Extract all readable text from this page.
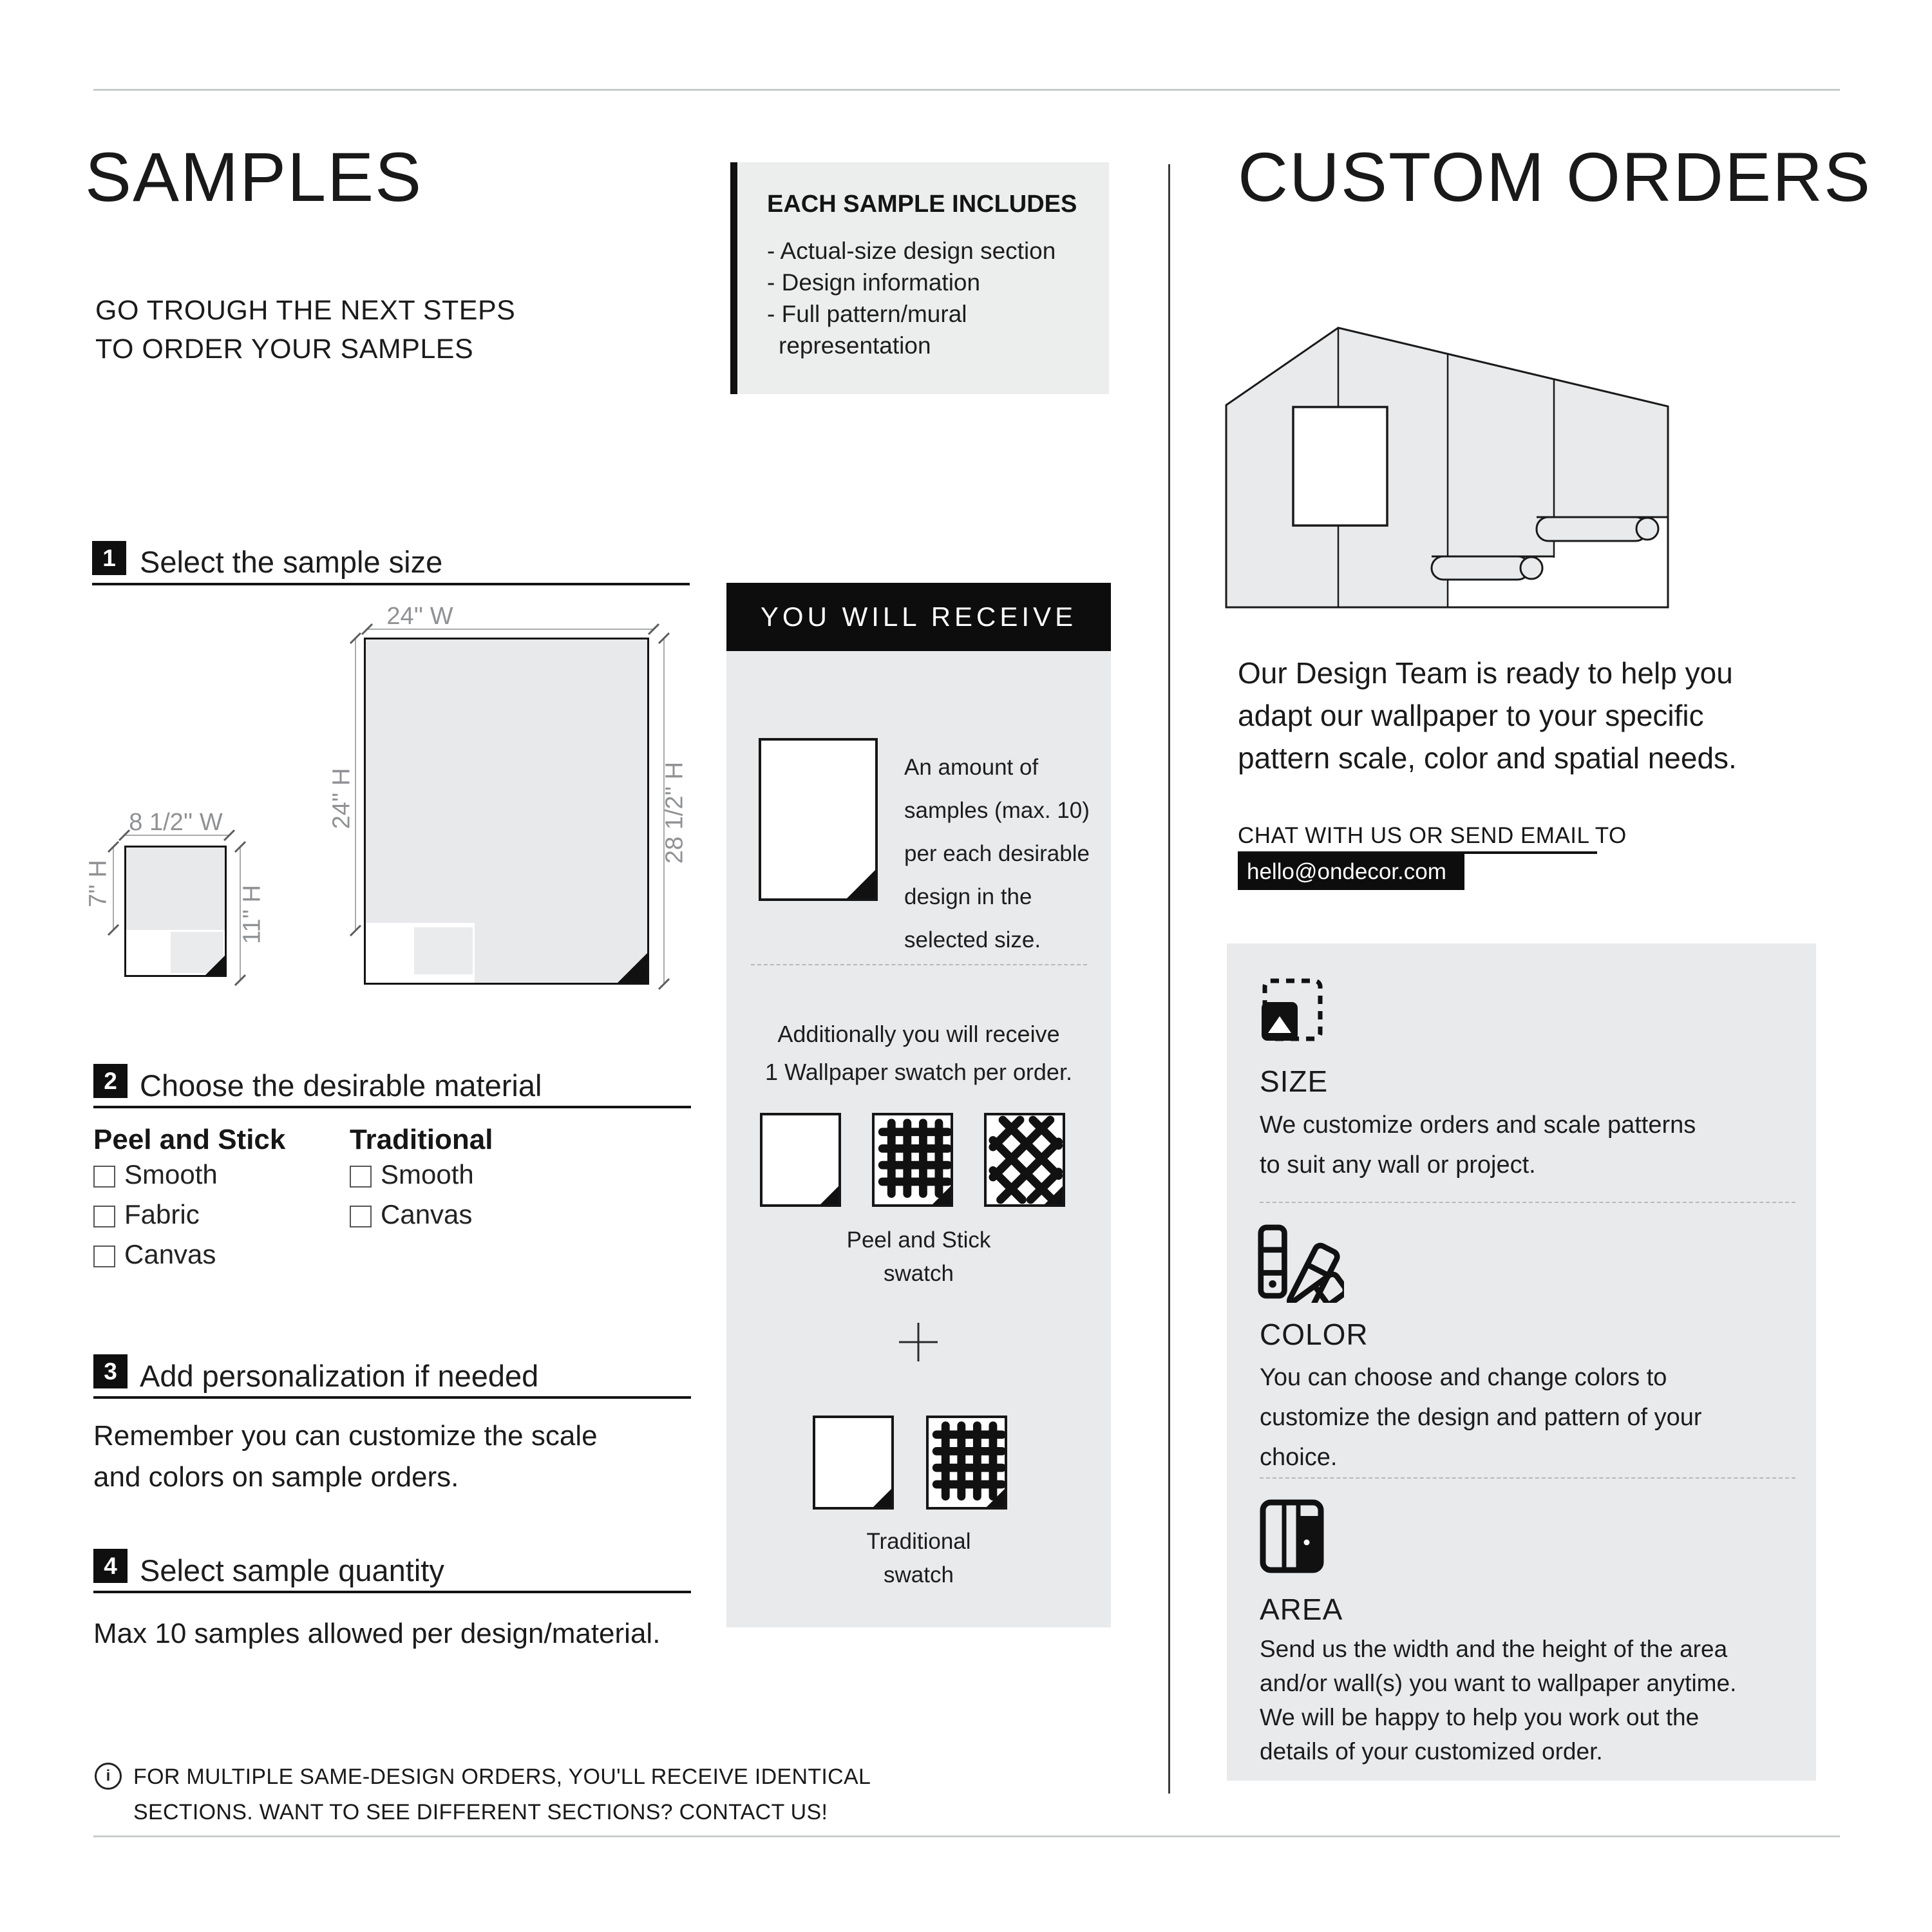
SAMPLES
GO TROUGH THE NEXT STEPS
TO ORDER YOUR SAMPLES
EACH SAMPLE INCLUDES
- Actual-size design section
- Design information
- Full pattern/mural
representation
1 Select the sample size
24'' W
24'' H	28 1/2'' H
8 1/2'' W
7'' H
11'' H
2 Choose the desirable material
Peel and Stick Traditional
Smooth
Fabric
Canvas
Smooth
Canvas
3 Add personalization if needed
Remember you can customize the scale
and colors on sample orders.
4 Select sample quantity
Max 10 samples allowed per design/material.
i FOR MULTIPLE SAME-DESIGN ORDERS, YOU'LL RECEIVE IDENTICAL
SECTIONS. WANT TO SEE DIFFERENT SECTIONS? CONTACT US!
YOU WILL RECEIVE
An amount of
samples (max. 10)
per each desirable
design in the
selected size.
Additionally you will receive
1 Wallpaper swatch per order.
Peel and Stick
swatch
Traditional
swatch
CUSTOM ORDERS
Our Design Team is ready to help you
adapt our wallpaper to your specific
pattern scale, color and spatial needs.
CHAT WITH US OR SEND EMAIL TO
hello@ondecor.com
SIZE
We customize orders and scale patterns
to suit any wall or project.
COLOR
You can choose and change colors to
customize the design and pattern of your
choice.
AREA
Send us the width and the height of the area
and/or wall(s) you want to wallpaper anytime.
We will be happy to help you work out the
details of your customized order.
